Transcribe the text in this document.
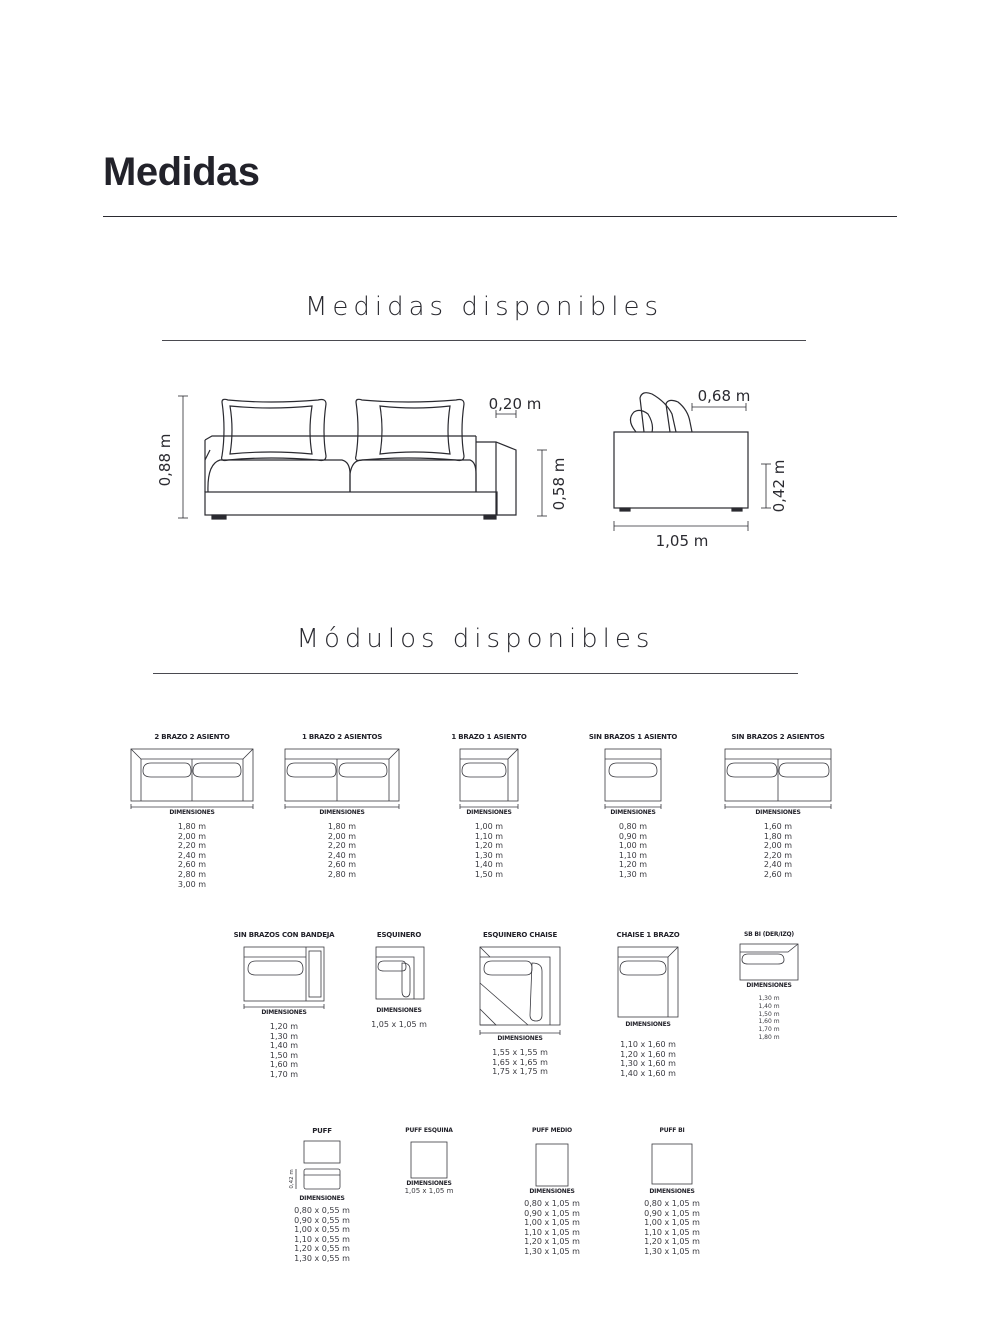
Medidas
Medidas disponibles
0,88 m
0,20 m
0,58 m
0,68 m
0,42 m
1,05 m
Módulos disponibles
2 BRAZO 2 ASIENTO
DIMENSIONES
1,80 m
2,00 m
2,20 m
2,40 m
2,60 m
2,80 m
3,00 m
1 BRAZO 2 ASIENTOS
DIMENSIONES
1,80 m
2,00 m
2,20 m
2,40 m
2,60 m
2,80 m
1 BRAZO 1 ASIENTO
DIMENSIONES
1,00 m
1,10 m
1,20 m
1,30 m
1,40 m
1,50 m
SIN BRAZOS 1 ASIENTO
DIMENSIONES
0,80 m
0,90 m
1,00 m
1,10 m
1,20 m
1,30 m
SIN BRAZOS 2 ASIENTOS
DIMENSIONES
1,60 m
1,80 m
2,00 m
2,20 m
2,40 m
2,60 m
SIN BRAZOS CON BANDEJA
DIMENSIONES
1,20 m
1,30 m
1,40 m
1,50 m
1,60 m
1,70 m
ESQUINERO
DIMENSIONES
1,05 x 1,05 m
ESQUINERO CHAISE
DIMENSIONES
1,55 x 1,55 m
1,65 x 1,65 m
1,75 x 1,75 m
CHAISE 1 BRAZO
DIMENSIONES
1,10 x 1,60 m
1,20 x 1,60 m
1,30 x 1,60 m
1,40 x 1,60 m
SB BI (DER/IZQ)
DIMENSIONES
1,30 m
1,40 m
1,50 m
1,60 m
1,70 m
1,80 m
PUFF
0,42 m
DIMENSIONES
0,80 x 0,55 m
0,90 x 0,55 m
1,00 x 0,55 m
1,10 x 0,55 m
1,20 x 0,55 m
1,30 x 0,55 m
PUFF ESQUINA
DIMENSIONES
1,05 x 1,05 m
PUFF MEDIO
DIMENSIONES
0,80 x 1,05 m
0,90 x 1,05 m
1,00 x 1,05 m
1,10 x 1,05 m
1,20 x 1,05 m
1,30 x 1,05 m
PUFF BI
DIMENSIONES
0,80 x 1,05 m
0,90 x 1,05 m
1,00 x 1,05 m
1,10 x 1,05 m
1,20 x 1,05 m
1,30 x 1,05 m
